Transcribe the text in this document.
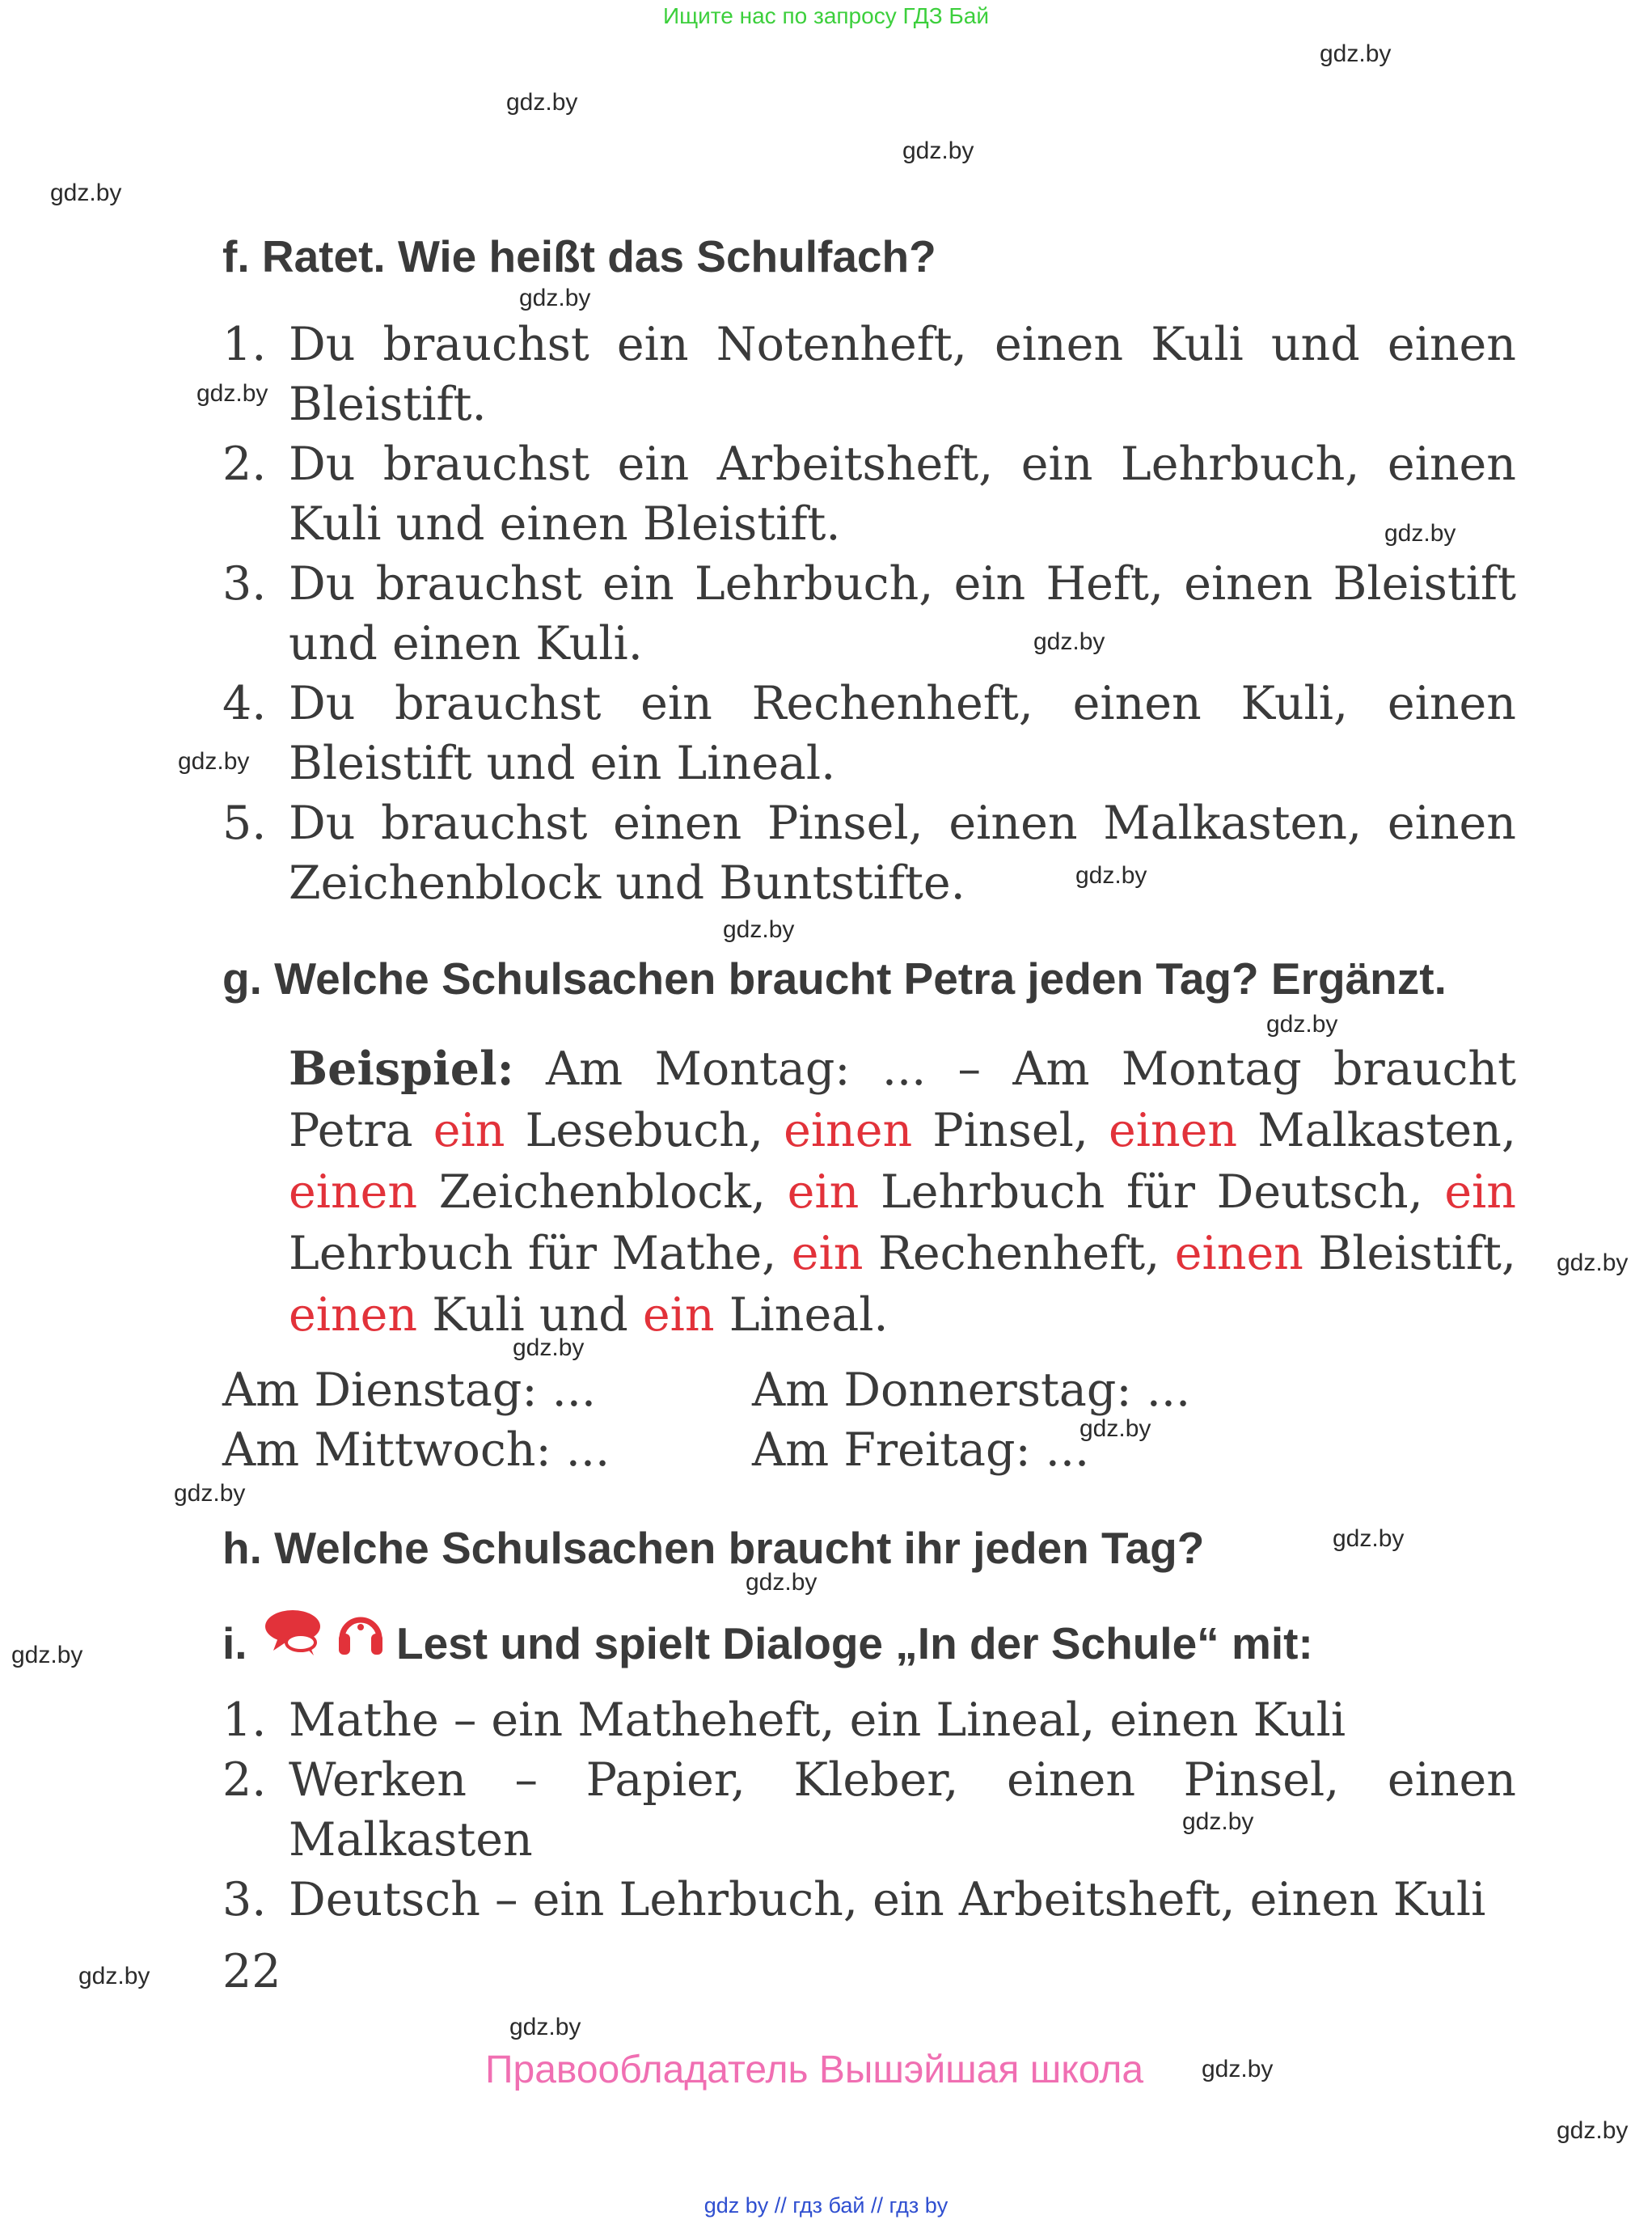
Ищите нас по запросу ГДЗ Бай
gdz.by
gdz.by
gdz.by
gdz.by
gdz.by
gdz.by
gdz.by
gdz.by
gdz.by
gdz.by
gdz.by
gdz.by
gdz.by
gdz.by
gdz.by
gdz.by
gdz.by
gdz.by
gdz.by
gdz.by
gdz.by
gdz.by
gdz.by
gdz.by
f. Ratet. Wie heißt das Schulfach?
1. Du brauchst ein Notenheft, einen Kuli und einen Bleistift.
2. Du brauchst ein Arbeitsheft, ein Lehrbuch, einen Kuli und einen Bleistift.
3. Du brauchst ein Lehrbuch, ein Heft, einen Bleistift und einen Kuli.
4. Du brauchst ein Rechenheft, einen Kuli, einen Bleistift und ein Lineal.
5. Du brauchst einen Pinsel, einen Malkasten, einen Zeichenblock und Buntstifte.
g. Welche Schulsachen braucht Petra jeden Tag? Ergänzt.
Beispiel: Am Montag: ... – Am Montag braucht Petra ein Lesebuch, einen Pinsel, einen Malkasten, einen Zeichenblock, ein Lehrbuch für Deutsch, ein Lehrbuch für Mathe, ein Rechenheft, einen Bleistift, einen Kuli und ein Lineal.
Am Dienstag: ...	Am Donnerstag: ...
Am Mittwoch: ...	Am Freitag: ...
h. Welche Schulsachen braucht ihr jeden Tag?
i.	Lest und spielt Dialoge „In der Schule“ mit:
1. Mathe – ein Matheheft, ein Lineal, einen Kuli
2. Werken – Papier, Kleber, einen Pinsel, einen Malkasten
3. Deutsch – ein Lehrbuch, ein Arbeitsheft, einen Kuli
22
Правообладатель Вышэйшая школа
gdz by // гдз бай // гдз by
